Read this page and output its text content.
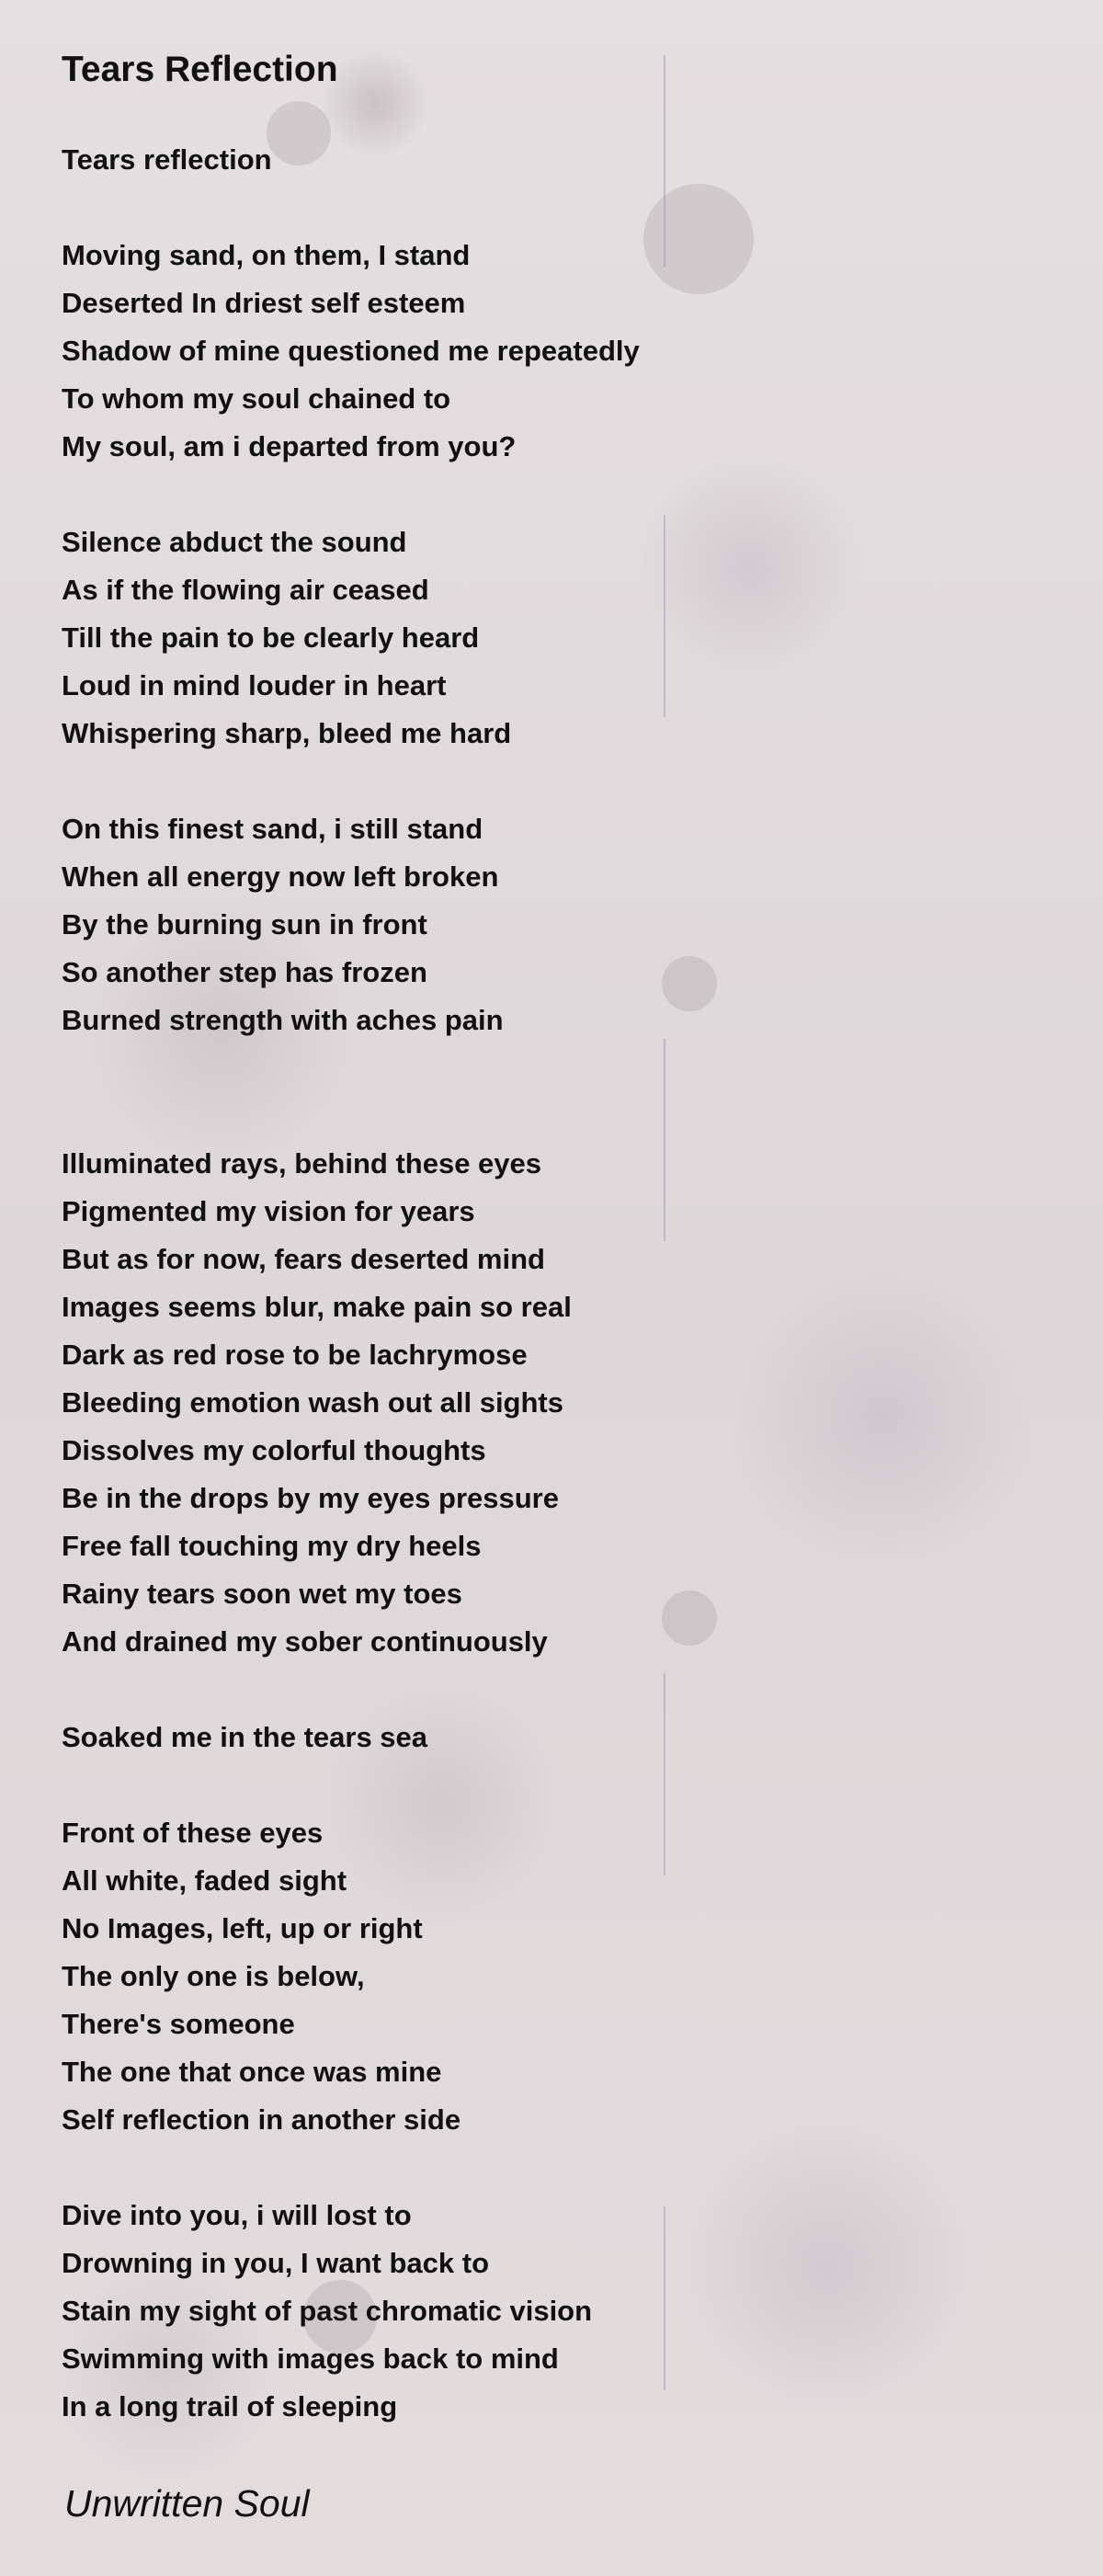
Tears Reflection
Tears reflection
Moving sand, on them, I stand
Deserted In driest self esteem
Shadow of mine questioned me repeatedly
To whom my soul chained to
My soul, am i departed from you?
Silence abduct the sound
As if the flowing air ceased
Till the pain to be clearly heard
Loud in mind louder in heart
Whispering sharp, bleed me hard
On this finest sand, i still stand
When all energy now left broken
By the burning sun in front
So another step has frozen
Burned strength with aches pain
Illuminated rays, behind these eyes
Pigmented my vision for years
But as for now, fears deserted mind
Images seems blur, make pain so real
Dark as red rose to be lachrymose
Bleeding emotion wash out all sights
Dissolves my colorful thoughts
Be in the drops by my eyes pressure
Free fall touching my dry heels
Rainy tears soon wet my toes
And drained my sober continuously
Soaked me in the tears sea
Front of these eyes
All white, faded sight
No Images, left, up or right
The only one is below,
There's someone
The one that once was mine
Self reflection in another side
Dive into you, i will lost to
Drowning in you, I want back to
Stain my sight of past chromatic vision
Swimming with images back to mind
In a long trail of sleeping
Unwritten Soul
